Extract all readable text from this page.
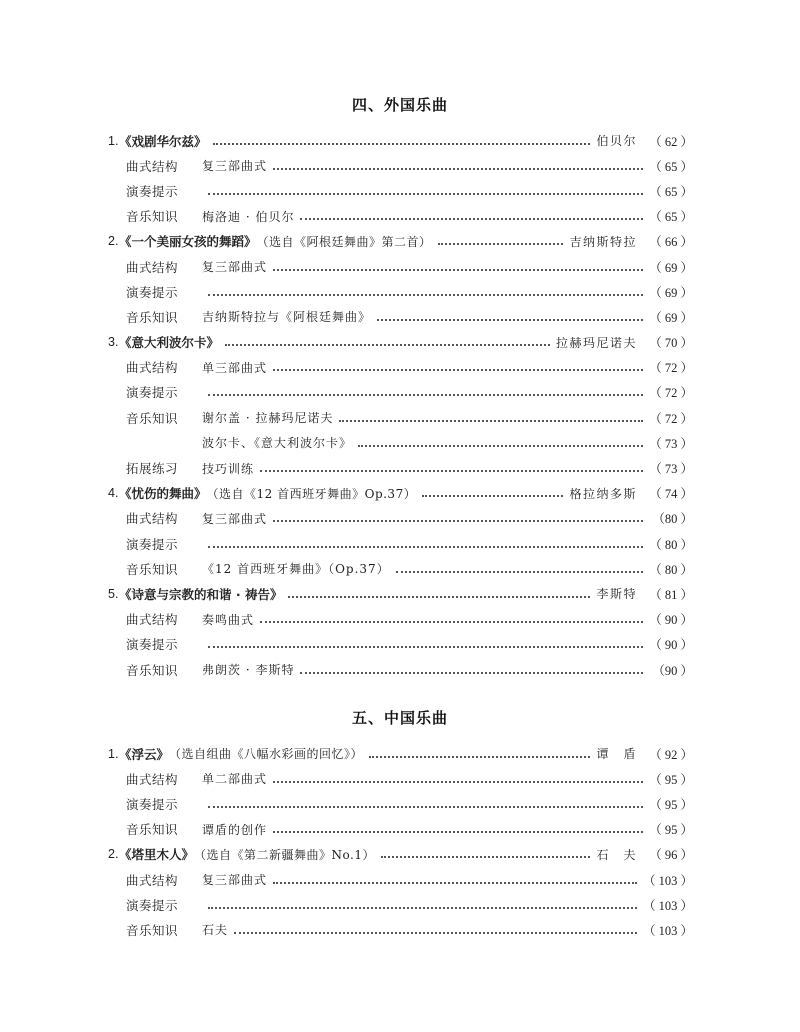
四、外国乐曲
1. 《戏剧华尔兹》	伯贝尔 （ 62 ）
曲式结构	复三部曲式	（ 65 ）
演奏提示	（ 65 ）
音乐知识	梅洛迪 · 伯贝尔	（ 65 ）
2. 《一个美丽女孩的舞蹈》 （选自《阿根廷舞曲》第二首）	吉纳斯特拉 （ 66 ）
曲式结构	复三部曲式	（ 69 ）
演奏提示	（ 69 ）
音乐知识	吉纳斯特拉与《阿根廷舞曲》	（ 69 ）
3. 《意大利波尔卡》	拉赫玛尼诺夫 （ 70 ）
曲式结构	单三部曲式	（ 72 ）
演奏提示	（ 72 ）
音乐知识	谢尔盖 · 拉赫玛尼诺夫	（ 72 ）
波尔卡、《意大利波尔卡》	（ 73 ）
拓展练习	技巧训练	（ 73 ）
4. 《忧伤的舞曲》 （选自《12 首西班牙舞曲》Op.37）	格拉纳多斯 （ 74 ）
曲式结构	复三部曲式	（80 ）
演奏提示	（ 80 ）
音乐知识	《12 首西班牙舞曲》（Op.37）	（ 80 ）
5. 《诗意与宗教的和谐 · 祷告》	李斯特 （ 81 ）
曲式结构	奏鸣曲式	（ 90 ）
演奏提示	（ 90 ）
音乐知识	弗朗茨 · 李斯特	（90 ）
五、中国乐曲
1. 《浮云》 （选自组曲《八幅水彩画的回忆》）	谭　盾 （ 92 ）
曲式结构	单二部曲式	（ 95 ）
演奏提示	（ 95 ）
音乐知识	谭盾的创作	（ 95 ）
2. 《塔里木人》 （选自《第二新疆舞曲》No.1）	石　夫 （ 96 ）
曲式结构	复三部曲式	（ 103 ）
演奏提示	（ 103 ）
音乐知识	石夫	（ 103 ）
